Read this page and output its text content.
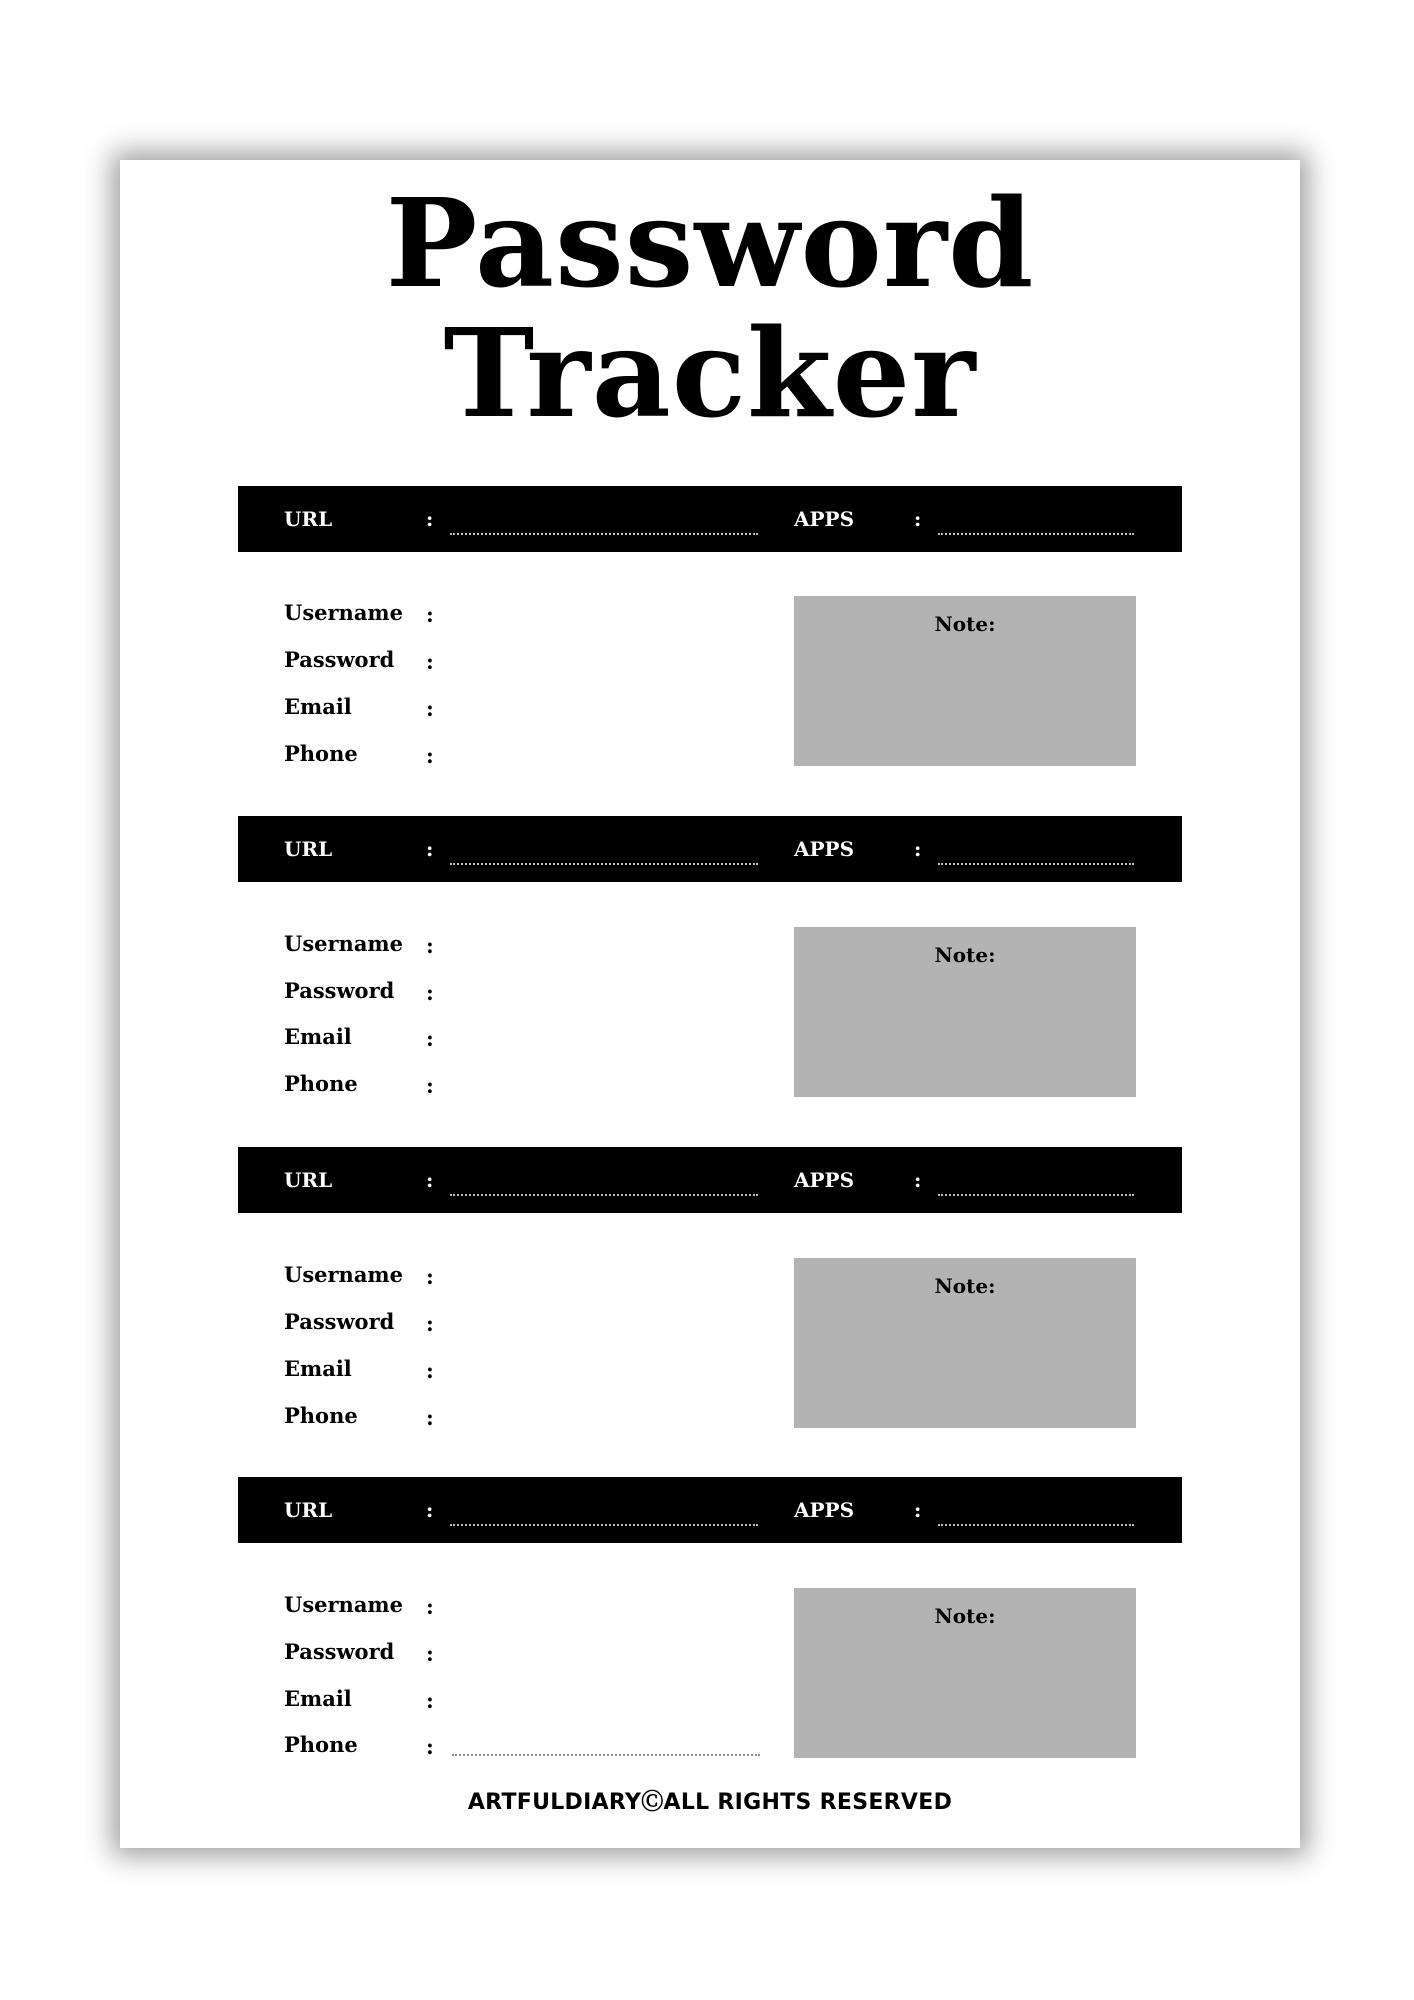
Password
Tracker
URL	:	APPS	:
Username :
Password :
Email	:
Phone	:
Note:
URL	:	APPS	:
Username :
Password :
Email	:
Phone	:
Note:
URL	:	APPS	:
Username :
Password :
Email	:
Phone	:
Note:
URL	:	APPS	:
Username :
Password :
Email	:
Phone	:
Note:
ARTFULDIARYⒸALL RIGHTS RESERVED
